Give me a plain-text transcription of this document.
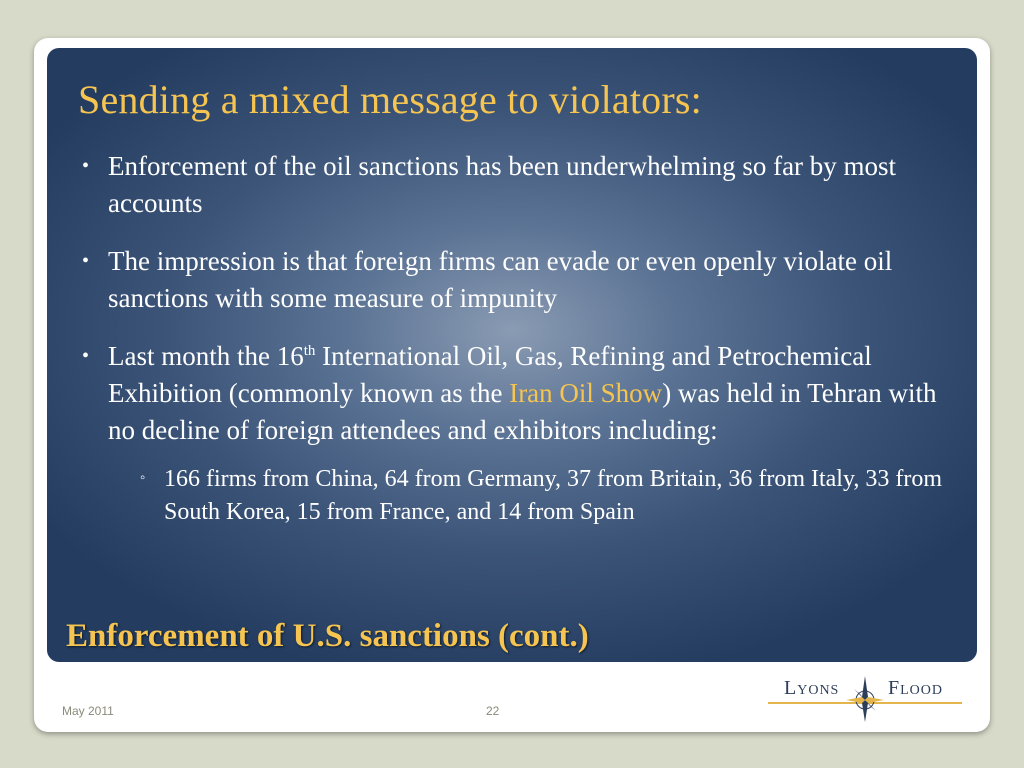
Sending a mixed message to violators:
• Enforcement of the oil sanctions has been underwhelming so far by most accounts
• The impression is that foreign firms can evade or even openly violate oil sanctions with some measure of impunity
• Last month the 16th International Oil, Gas, Refining and Petrochemical Exhibition (commonly known as the Iran Oil Show) was held in Tehran with no decline of foreign attendees and exhibitors including:
◦ 166 firms from China, 64 from Germany, 37 from Britain, 36 from Italy, 33 from South Korea, 15 from France, and 14 from Spain
Enforcement of U.S. sanctions (cont.)
May 2011	22
Lyons Flood
